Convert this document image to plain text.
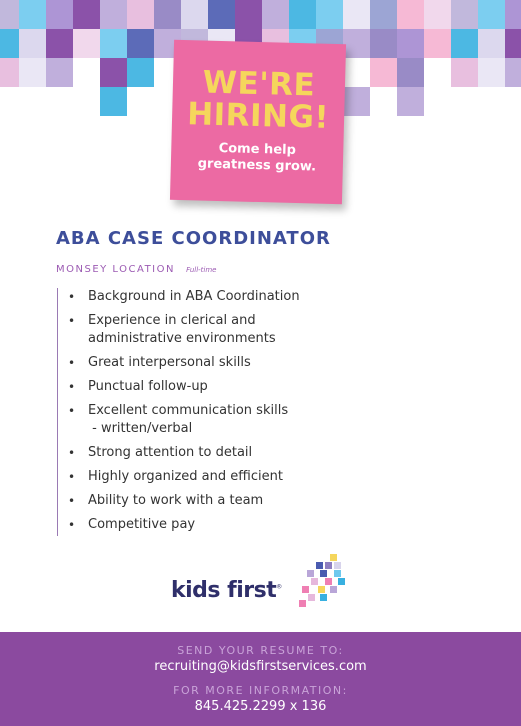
WE'RE
HIRING!
Come help
greatness grow.
ABA CASE COORDINATOR
MONSEY LOCATION Full-time
• Background in ABA Coordination
• Experience in clerical and
administrative environments
• Great interpersonal skills
• Punctual follow-up
• Excellent communication skills
- written/verbal
• Strong attention to detail
• Highly organized and efficient
• Ability to work with a team
• Competitive pay
kids first®
SEND YOUR RESUME TO:
recruiting@kidsfirstservices.com
FOR MORE INFORMATION:
845.425.2299 x 136
